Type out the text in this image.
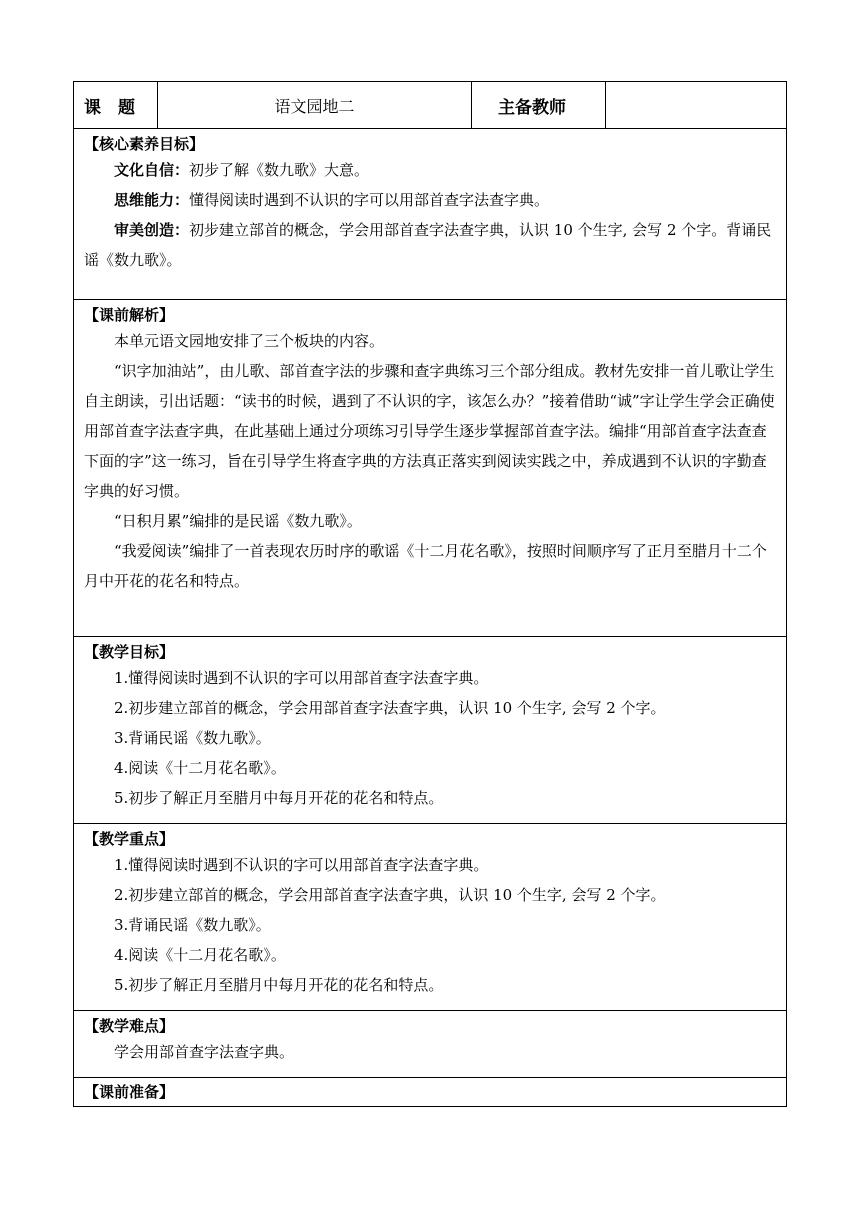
课　题	语文园地二	主备教师	

【核心素养目标】

文化自信：初步了解《数九歌》大意。

思维能力：懂得阅读时遇到不认识的字可以用部首查字法查字典。

审美创造：初步建立部首的概念，学会用部首查字法查字典，认识 10 个生字, 会写 2 个字。背诵民谣《数九歌》。

【课前解析】

本单元语文园地安排了三个板块的内容。

“识字加油站”，由儿歌、部首查字法的步骤和查字典练习三个部分组成。教材先安排一首儿歌让学生自主朗读，引出话题：“读书的时候，遇到了不认识的字，该怎么办？”接着借助“诚”字让学生学会正确使用部首查字法查字典，在此基础上通过分项练习引导学生逐步掌握部首查字法。编排“用部首查字法查查下面的字”这一练习，旨在引导学生将查字典的方法真正落实到阅读实践之中，养成遇到不认识的字勤查字典的好习惯。

“日积月累”编排的是民谣《数九歌》。

“我爱阅读”编排了一首表现农历时序的歌谣《十二月花名歌》，按照时间顺序写了正月至腊月十二个月中开花的花名和特点。

【教学目标】

1.懂得阅读时遇到不认识的字可以用部首查字法查字典。

2.初步建立部首的概念，学会用部首查字法查字典，认识 10 个生字, 会写 2 个字。

3.背诵民谣《数九歌》。

4.阅读《十二月花名歌》。

5.初步了解正月至腊月中每月开花的花名和特点。

【教学重点】

1.懂得阅读时遇到不认识的字可以用部首查字法查字典。

2.初步建立部首的概念，学会用部首查字法查字典，认识 10 个生字, 会写 2 个字。

3.背诵民谣《数九歌》。

4.阅读《十二月花名歌》。

5.初步了解正月至腊月中每月开花的花名和特点。

【教学难点】

学会用部首查字法查字典。

【课前准备】
